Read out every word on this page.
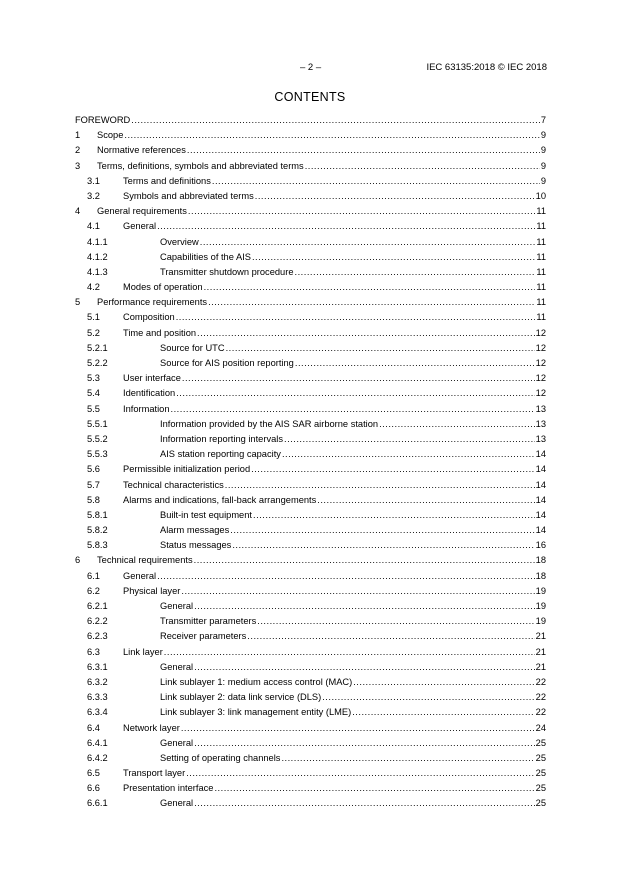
– 2 –	IEC 63135:2018 © IEC 2018
CONTENTS
FOREWORD .....	7
1	Scope .....	9
2	Normative references .....	9
3	Terms, definitions, symbols and abbreviated terms .....	9
3.1	Terms and definitions .....	9
3.2	Symbols and abbreviated terms .....	10
4	General requirements .....	11
4.1	General .....	11
4.1.1	Overview .....	11
4.1.2	Capabilities of the AIS .....	11
4.1.3	Transmitter shutdown procedure .....	11
4.2	Modes of operation .....	11
5	Performance requirements .....	11
5.1	Composition .....	11
5.2	Time and position .....	12
5.2.1	Source for UTC .....	12
5.2.2	Source for AIS position reporting .....	12
5.3	User interface .....	12
5.4	Identification .....	12
5.5	Information .....	13
5.5.1	Information provided by the AIS SAR airborne station .....	13
5.5.2	Information reporting intervals .....	13
5.5.3	AIS station reporting capacity .....	14
5.6	Permissible initialization period .....	14
5.7	Technical characteristics .....	14
5.8	Alarms and indications, fall-back arrangements .....	14
5.8.1	Built-in test equipment .....	14
5.8.2	Alarm messages .....	14
5.8.3	Status messages .....	16
6	Technical requirements .....	18
6.1	General .....	18
6.2	Physical layer .....	19
6.2.1	General .....	19
6.2.2	Transmitter parameters .....	19
6.2.3	Receiver parameters .....	21
6.3	Link layer .....	21
6.3.1	General .....	21
6.3.2	Link sublayer 1: medium access control (MAC) .....	22
6.3.3	Link sublayer 2: data link service (DLS) .....	22
6.3.4	Link sublayer 3: link management entity (LME) .....	22
6.4	Network layer .....	24
6.4.1	General .....	25
6.4.2	Setting of operating channels .....	25
6.5	Transport layer .....	25
6.6	Presentation interface .....	25
6.6.1	General .....	25
